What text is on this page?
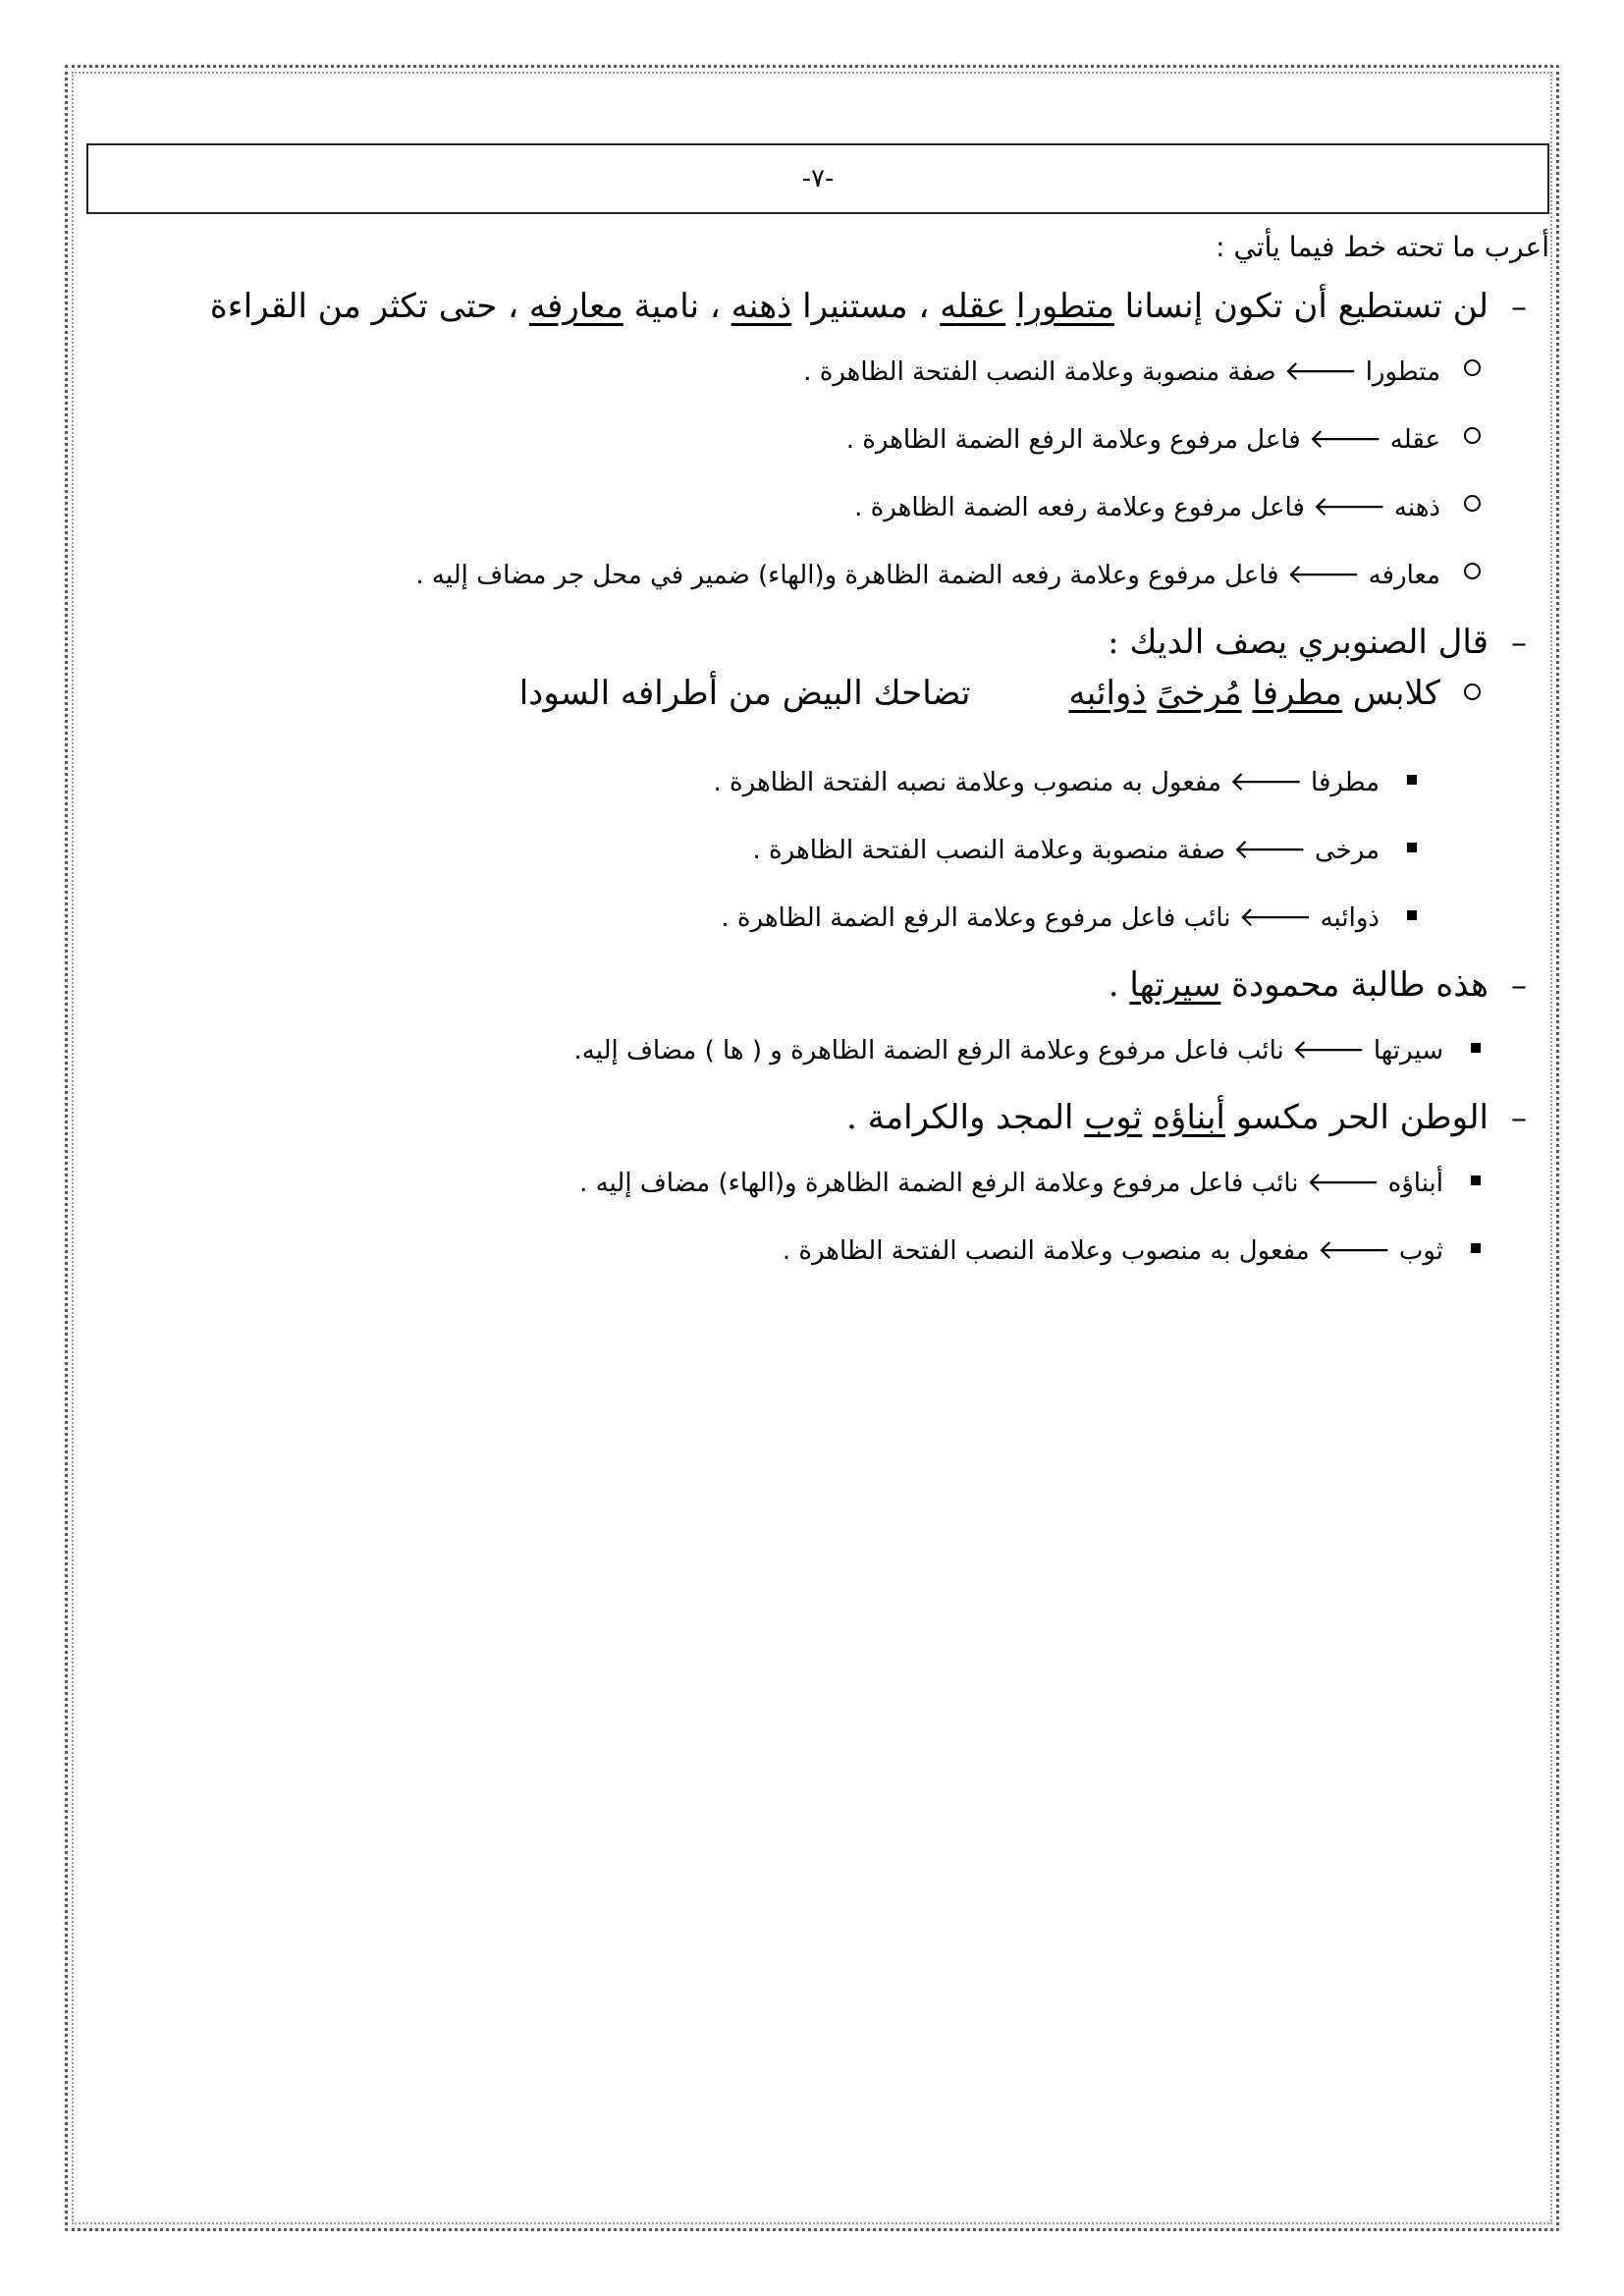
-٧-

أعرب ما تحته خط فيما يأتي :

–
لن تستطيع أن تكون إنسانا متطورا عقله ، مستنيرا ذهنه ، نامية معارفه ، حتى تكثر من القراءة
متطورا
🡐
صفة منصوبة وعلامة النصب الفتحة الظاهرة .
عقله
🡐
فاعل مرفوع وعلامة الرفع الضمة الظاهرة .
ذهنه
🡐
فاعل مرفوع وعلامة رفعه الضمة الظاهرة .
معارفه
🡐
فاعل مرفوع وعلامة رفعه الضمة الظاهرة و(الهاء) ضمير في محل جر مضاف إليه .
–
قال الصنوبري يصف الديك :
كلابس مطرفا مُرخىً ذوائبه
تضاحك البيض من أطرافه السودا
مطرفا
🡐
مفعول به منصوب وعلامة نصبه الفتحة الظاهرة .
مرخى
🡐
صفة منصوبة وعلامة النصب الفتحة الظاهرة .
ذوائبه
🡐
نائب فاعل مرفوع وعلامة الرفع الضمة الظاهرة .
–
هذه طالبة محمودة سيرتها .
سيرتها
🡐
نائب فاعل مرفوع وعلامة الرفع الضمة الظاهرة و ( ها ) مضاف إليه.
–
الوطن الحر مكسو أبناؤه ثوب المجد والكرامة .
أبناؤه
🡐
نائب فاعل مرفوع وعلامة الرفع الضمة الظاهرة و(الهاء) مضاف إليه .
ثوب
🡐
مفعول به منصوب وعلامة النصب الفتحة الظاهرة .
